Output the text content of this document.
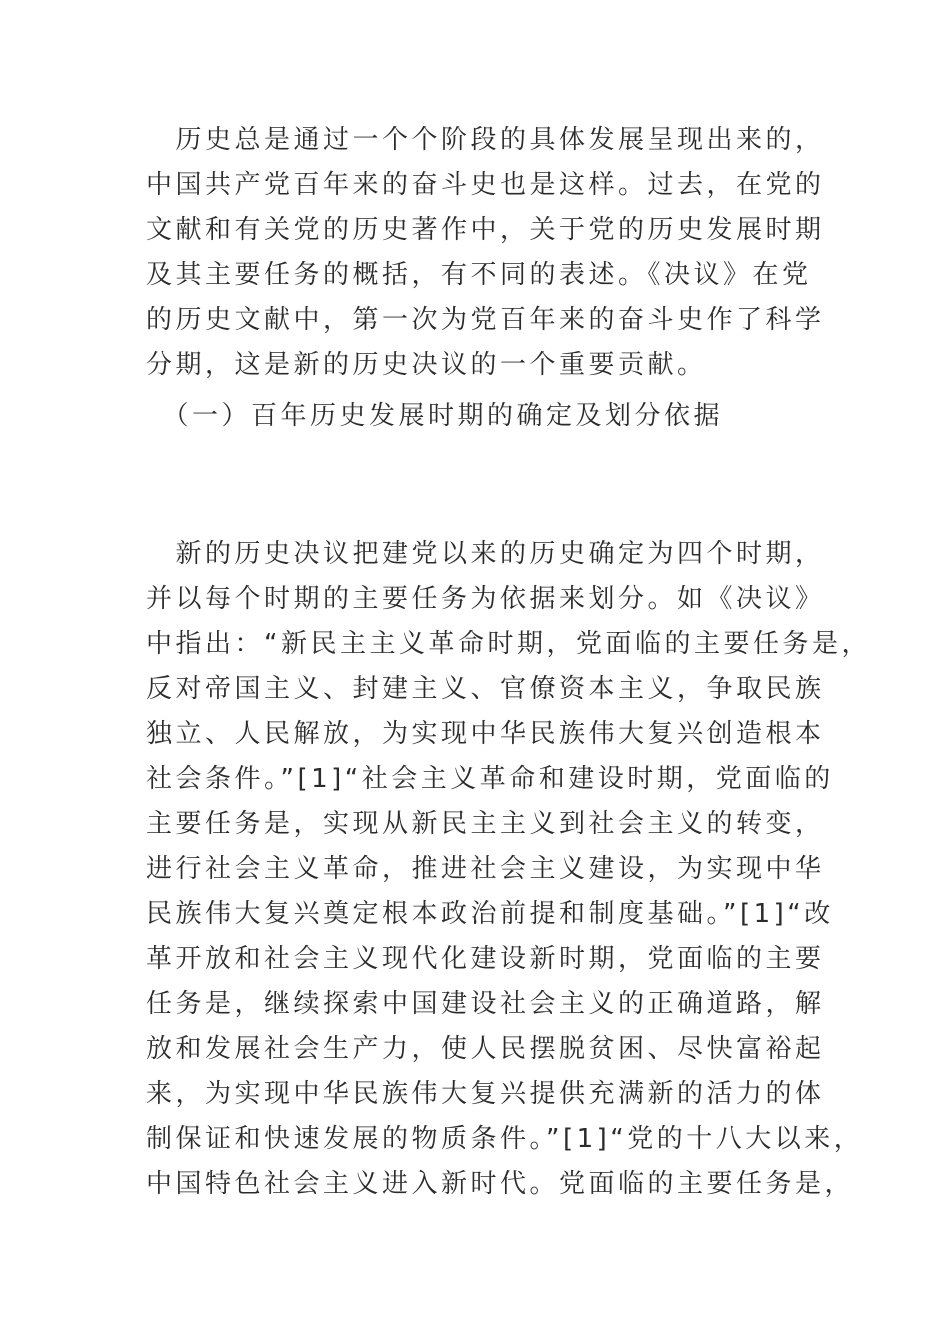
　历史总是通过一个个阶段的具体发展呈现出来的，
中国共产党百年来的奋斗史也是这样。过去，在党的
文献和有关党的历史著作中，关于党的历史发展时期
及其主要任务的概括，有不同的表述。《决议》在党
的历史文献中，第一次为党百年来的奋斗史作了科学
分期，这是新的历史决议的一个重要贡献。
　（一）百年历史发展时期的确定及划分依据
　新的历史决议把建党以来的历史确定为四个时期，
并以每个时期的主要任务为依据来划分。如《决议》
中指出：“新民主主义革命时期，党面临的主要任务是，
反对帝国主义、封建主义、官僚资本主义，争取民族
独立、人民解放，为实现中华民族伟大复兴创造根本
社会条件。”[1]“社会主义革命和建设时期，党面临的
主要任务是，实现从新民主主义到社会主义的转变，
进行社会主义革命，推进社会主义建设，为实现中华
民族伟大复兴奠定根本政治前提和制度基础。”[1]“改
革开放和社会主义现代化建设新时期，党面临的主要
任务是，继续探索中国建设社会主义的正确道路，解
放和发展社会生产力，使人民摆脱贫困、尽快富裕起
来，为实现中华民族伟大复兴提供充满新的活力的体
制保证和快速发展的物质条件。”[1]“党的十八大以来，
中国特色社会主义进入新时代。党面临的主要任务是，
